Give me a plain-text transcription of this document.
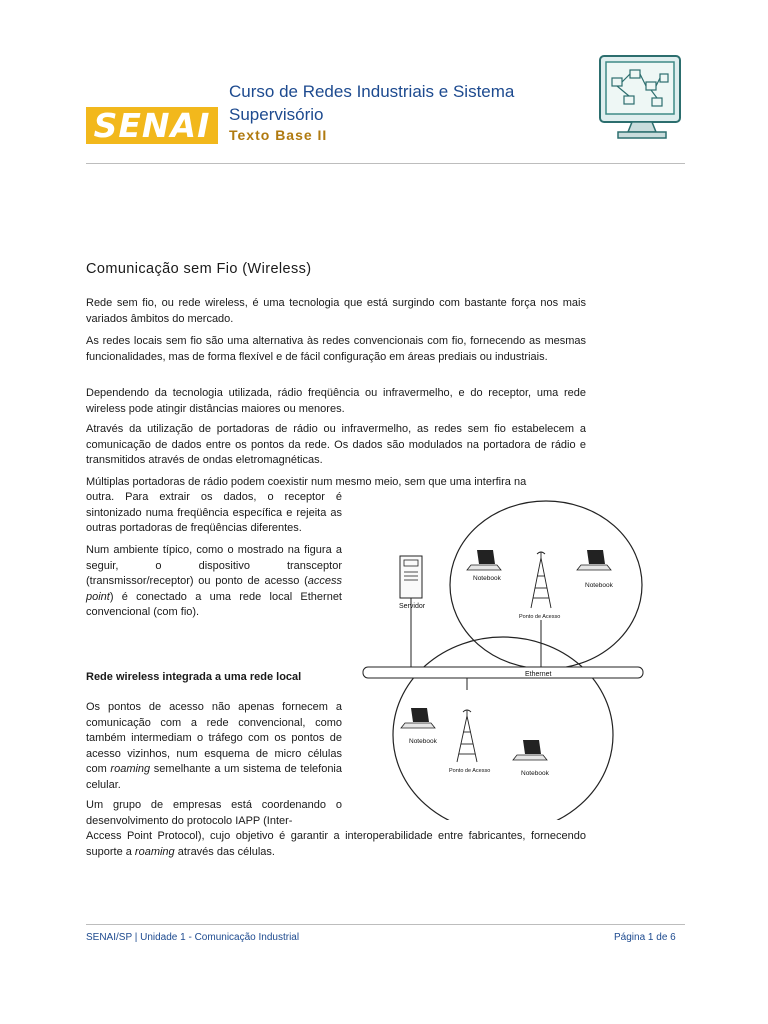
SENAI
Curso de Redes Industriais e Sistema
Supervisório
Texto Base II
Comunicação sem Fio (Wireless)

Rede sem fio, ou rede wireless, é uma tecnologia que está surgindo com bastante força nos mais variados âmbitos do mercado.

As redes locais sem fio são uma alternativa às redes convencionais com fio, fornecendo as mesmas funcionalidades, mas de forma flexível e de fácil configuração em áreas prediais ou industriais.

Dependendo da tecnologia utilizada, rádio freqüência ou infravermelho, e do receptor, uma rede wireless pode atingir distâncias maiores ou menores.

Através da utilização de portadoras de rádio ou infravermelho, as redes sem fio estabelecem a comunicação de dados entre os pontos da rede. Os dados são modulados na portadora de rádio e transmitidos através de ondas eletromagnéticas.

Múltiplas portadoras de rádio podem coexistir num mesmo meio, sem que uma interfira na

outra. Para extrair os dados, o receptor é sintonizado numa freqüência específica e rejeita as outras portadoras de freqüências diferentes.

Num ambiente típico, como o mostrado na figura a seguir, o dispositivo transceptor (transmissor/receptor) ou ponto de acesso (access point) é conectado a uma rede local Ethernet convencional (com fio).

Rede wireless integrada a uma rede local

Os pontos de acesso não apenas fornecem a comunicação com a rede convencional, como também intermediam o tráfego com os pontos de acesso vizinhos, num esquema de micro células com roaming semelhante a um sistema de telefonia celular.

Um grupo de empresas está coordenando o desenvolvimento do protocolo IAPP (Inter-

Access Point Protocol), cujo objetivo é garantir a interoperabilidade entre fabricantes, fornecendo suporte a roaming através das células.

Ethernet
Servidor
Notebook
Notebook
Ponto de Acesso
Notebook
Notebook
Ponto de Acesso
SENAI/SP | Unidade 1 - Comunicação Industrial	Página 1 de 6
